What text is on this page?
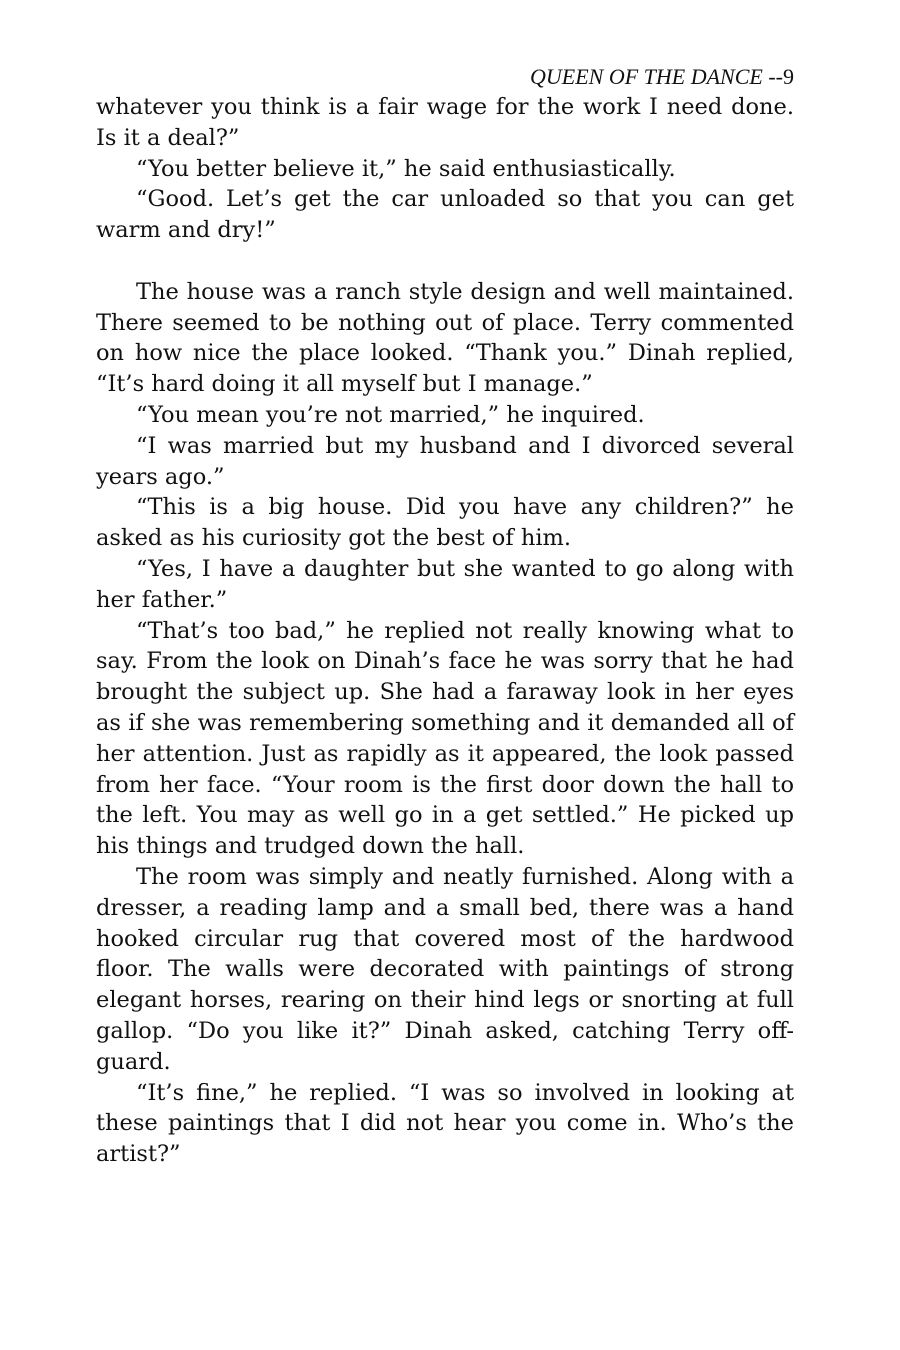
QUEEN OF THE DANCE --9

whatever you think is a fair wage for the work I need done. Is it a deal?”

“You better believe it,” he said enthusiastically.

“Good. Let’s get the car unloaded so that you can get warm and dry!”

The house was a ranch style design and well maintained. There seemed to be nothing out of place. Terry commented on how nice the place looked. “Thank you.” Dinah replied, “It’s hard doing it all myself but I manage.”

“You mean you’re not married,” he inquired.

“I was married but my husband and I divorced several years ago.”

“This is a big house. Did you have any children?” he asked as his curiosity got the best of him.

“Yes, I have a daughter but she wanted to go along with her father.”

“That’s too bad,” he replied not really knowing what to say. From the look on Dinah’s face he was sorry that he had brought the subject up. She had a faraway look in her eyes as if she was remembering something and it demanded all of her attention. Just as rapidly as it appeared, the look passed from her face. “Your room is the first door down the hall to the left. You may as well go in a get settled.” He picked up his things and trudged down the hall.

The room was simply and neatly furnished. Along with a dresser, a reading lamp and a small bed, there was a hand hooked circular rug that covered most of the hardwood floor. The walls were decorated with paintings of strong elegant horses, rearing on their hind legs or snorting at full gallop. “Do you like it?” Dinah asked, catching Terry off-guard.

“It’s fine,” he replied. “I was so involved in looking at these paintings that I did not hear you come in. Who’s the artist?”
